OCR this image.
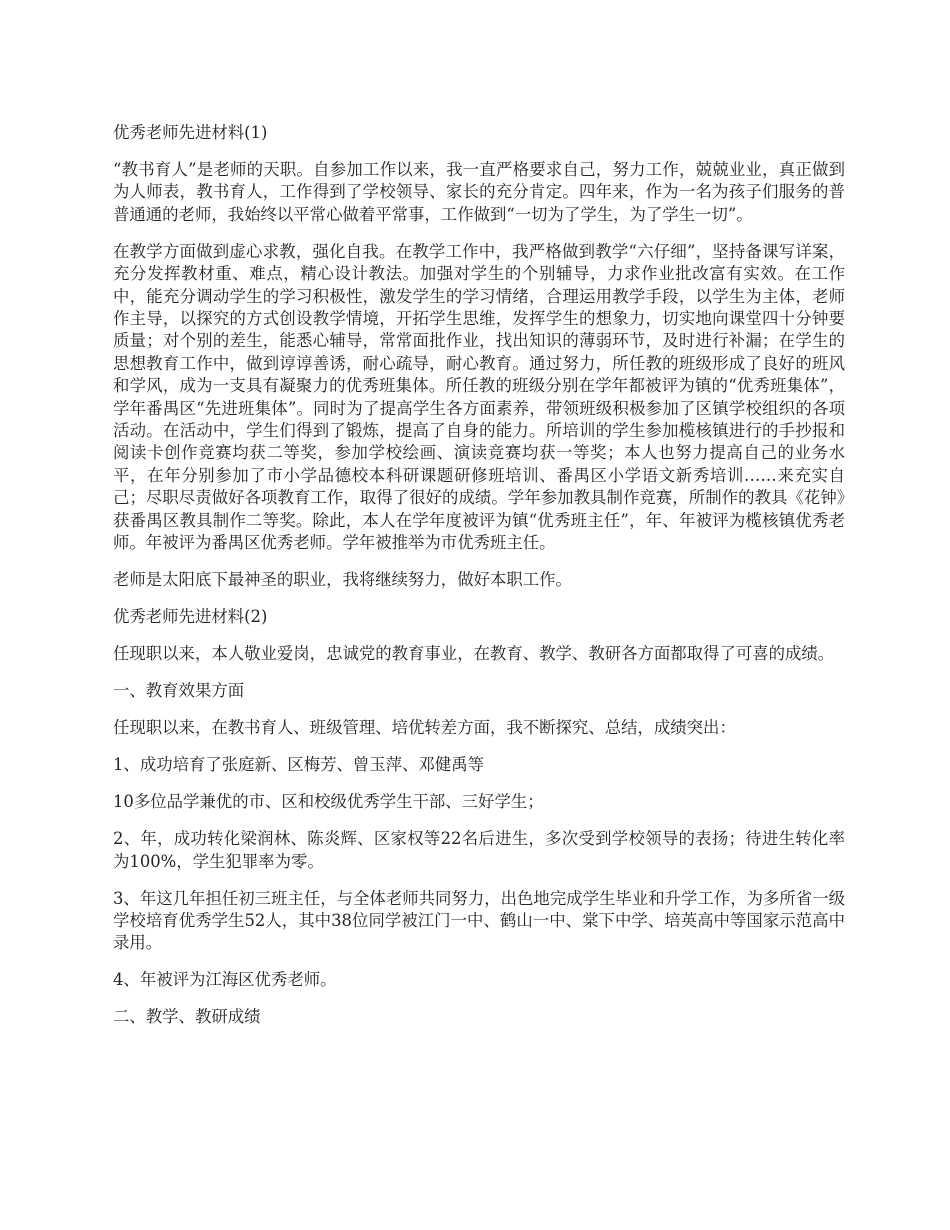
优秀老师先进材料(1)

“教书育人”是老师的天职。自参加工作以来，我一直严格要求自己，努力工作，兢兢业业，真正做到为人师表，教书育人，工作得到了学校领导、家长的充分肯定。四年来，作为一名为孩子们服务的普普通通的老师，我始终以平常心做着平常事，工作做到“一切为了学生，为了学生一切”。

在教学方面做到虚心求教，强化自我。在教学工作中，我严格做到教学“六仔细”，坚持备课写详案，充分发挥教材重、难点，精心设计教法。加强对学生的个别辅导，力求作业批改富有实效。在工作中，能充分调动学生的学习积极性，激发学生的学习情绪，合理运用教学手段，以学生为主体，老师作主导，以探究的方式创设教学情境，开拓学生思维，发挥学生的想象力，切实地向课堂四十分钟要质量；对个别的差生，能悉心辅导，常常面批作业，找出知识的薄弱环节，及时进行补漏；在学生的思想教育工作中，做到谆谆善诱，耐心疏导，耐心教育。通过努力，所任教的班级形成了良好的班风和学风，成为一支具有凝聚力的优秀班集体。所任教的班级分别在学年都被评为镇的“优秀班集体”，学年番禺区“先进班集体”。同时为了提高学生各方面素养，带领班级积极参加了区镇学校组织的各项活动。在活动中，学生们得到了锻炼，提高了自身的能力。所培训的学生参加榄核镇进行的手抄报和阅读卡创作竞赛均获二等奖，参加学校绘画、演读竞赛均获一等奖；本人也努力提高自己的业务水平，在年分别参加了市小学品德校本科研课题研修班培训、番禺区小学语文新秀培训……来充实自己；尽职尽责做好各项教育工作，取得了很好的成绩。学年参加教具制作竞赛，所制作的教具《花钟》获番禺区教具制作二等奖。除此，本人在学年度被评为镇“优秀班主任”，年、年被评为榄核镇优秀老师。年被评为番禺区优秀老师。学年被推举为市优秀班主任。

老师是太阳底下最神圣的职业，我将继续努力，做好本职工作。

优秀老师先进材料(2)

任现职以来，本人敬业爱岗，忠诚党的教育事业，在教育、教学、教研各方面都取得了可喜的成绩。

一、教育效果方面

任现职以来，在教书育人、班级管理、培优转差方面，我不断探究、总结，成绩突出：

1、成功培育了张庭新、区梅芳、曾玉萍、邓健禹等

10多位品学兼优的市、区和校级优秀学生干部、三好学生；

2、年，成功转化梁润林、陈炎辉、区家权等22名后进生，多次受到学校领导的表扬；待进生转化率为100%，学生犯罪率为零。

3、年这几年担任初三班主任，与全体老师共同努力，出色地完成学生毕业和升学工作，为多所省一级学校培育优秀学生52人，其中38位同学被江门一中、鹤山一中、棠下中学、培英高中等国家示范高中录用。

4、年被评为江海区优秀老师。

二、教学、教研成绩
